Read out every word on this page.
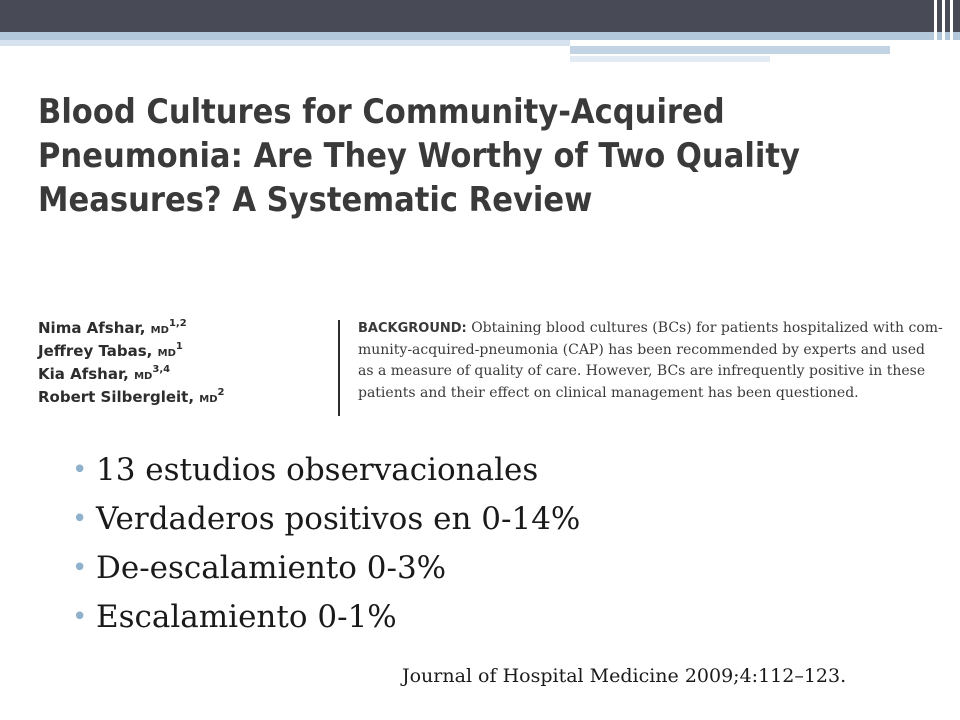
Blood Cultures for Community-Acquired Pneumonia: Are They Worthy of Two Quality Measures? A Systematic Review
Nima Afshar, MD$^{1,2}$
Jeffrey Tabas, MD$^1$
Kia Afshar, MD$^{3,4}$
Robert Silbergleit, MD$^2$
BACKGROUND: Obtaining blood cultures (BCs) for patients hospitalized with com-
munity-acquired-pneumonia (CAP) has been recommended by experts and used
as a measure of quality of care. However, BCs are infrequently positive in these
patients and their effect on clinical management has been questioned.
• 13 estudios observacionales
• Verdaderos positivos en 0-14%
• De-escalamiento 0-3%
• Escalamiento 0-1%
Journal of Hospital Medicine 2009;4:112–123.
